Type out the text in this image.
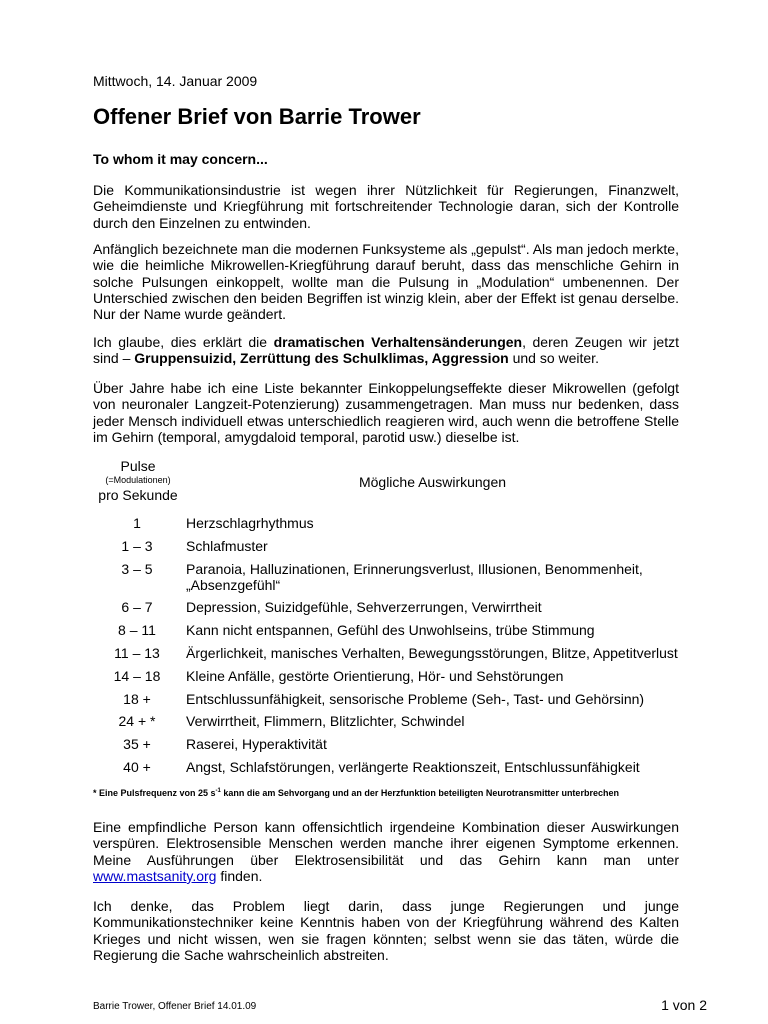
Mittwoch, 14. Januar 2009
Offener Brief von Barrie Trower
To whom it may concern...

Die Kommunikationsindustrie ist wegen ihrer Nützlichkeit für Regierungen, Finanzwelt, Geheimdienste und Kriegführung mit fortschreitender Technologie daran, sich der Kontrolle durch den Einzelnen zu entwinden.

Anfänglich bezeichnete man die modernen Funksysteme als „gepulst“. Als man jedoch merkte, wie die heimliche Mikrowellen-Kriegführung darauf beruht, dass das menschliche Gehirn in solche Pulsungen einkoppelt, wollte man die Pulsung in „Modulation“ umbenennen. Der Unterschied zwischen den beiden Begriffen ist winzig klein, aber der Effekt ist genau derselbe. Nur der Name wurde geändert.

Ich glaube, dies erklärt die dramatischen Verhaltensänderungen, deren Zeugen wir jetzt sind – Gruppensuizid, Zerrüttung des Schulklimas, Aggression und so weiter.

Über Jahre habe ich eine Liste bekannter Einkoppelungseffekte dieser Mikrowellen (gefolgt von neuronaler Langzeit-Potenzierung) zusammengetragen. Man muss nur bedenken, dass jeder Mensch individuell etwas unterschiedlich reagieren wird, auch wenn die betroffene Stelle im Gehirn (temporal, amygdaloid temporal, parotid usw.) dieselbe ist.

Pulse
(=Modulationen)
pro Sekunde
Mögliche Auswirkungen
1	Herzschlagrhythmus
1 – 3	Schlafmuster
3 – 5	Paranoia, Halluzinationen, Erinnerungsverlust, Illusionen, Benommenheit, „Absenzgefühl“
6 – 7	Depression, Suizidgefühle, Sehverzerrungen, Verwirrtheit
8 – 11	Kann nicht entspannen, Gefühl des Unwohlseins, trübe Stimmung
11 – 13	Ärgerlichkeit, manisches Verhalten, Bewegungsstörungen, Blitze, Appetitverlust
14 – 18	Kleine Anfälle, gestörte Orientierung, Hör- und Sehstörungen
18 +	Entschlussunfähigkeit, sensorische Probleme (Seh-, Tast- und Gehörsinn)
24 + *	Verwirrtheit, Flimmern, Blitzlichter, Schwindel
35 +	Raserei, Hyperaktivität
40 +	Angst, Schlafstörungen, verlängerte Reaktionszeit, Entschlussunfähigkeit
* Eine Pulsfrequenz von 25 $s^{-1}$ kann die am Sehvorgang und an der Herzfunktion beteiligten Neurotransmitter unterbrechen

Eine empfindliche Person kann offensichtlich irgendeine Kombination dieser Auswirkungen verspüren. Elektrosensible Menschen werden manche ihrer eigenen Symptome erkennen. Meine Ausführungen über Elektrosensibilität und das Gehirn kann man unter www.mastsanity.org finden.

Ich denke, das Problem liegt darin, dass junge Regierungen und junge Kommunikationstechniker keine Kenntnis haben von der Kriegführung während des Kalten Krieges und nicht wissen, wen sie fragen könnten; selbst wenn sie das täten, würde die Regierung die Sache wahrscheinlich abstreiten.

Barrie Trower, Offener Brief 14.01.09	1 von 2
